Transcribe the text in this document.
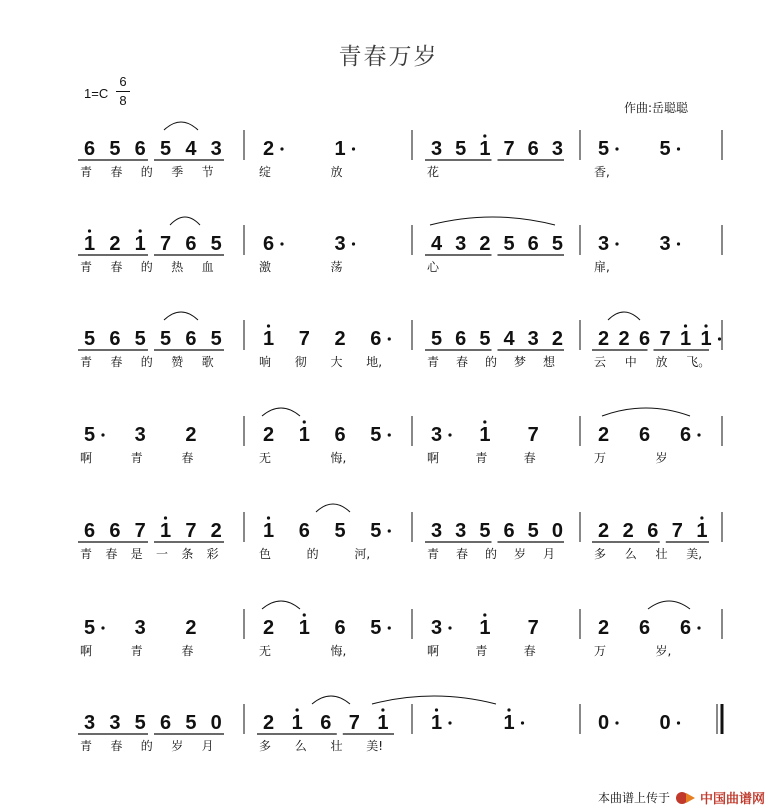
青春万岁
1=C
6
8	作曲:岳聪聪
6 5 6 5 4 3
青 春 的 季 节
2	1
绽	放
3 5 1 7 6 3
花
5	5
香,
1 2 1 7 6 5
青 春 的 热 血
6	3
激	荡
4 3 2 5 6 5
心
3	3
扉,
5 6 5 5 6 5
青 春 的 赞 歌
1 7 2 6
响 彻 大 地,
5 6 5 4 3 2
青 春 的 梦 想
2 2 6 7 1 1
云 中 放 飞。
5 3 2
啊	青	春
2 1 6 5
无	悔,
3 1 7
啊	青	春
2 6 6
万	岁
6 6 7 1 7 2
青 春 是 一 条 彩
1 6 5 5
色	的	河,
3 3 5 6 5 0
青 春 的 岁 月
2 2 6 7 1
多 么 壮 美,
5 3 2
啊	青	春
2 1 6 5
无	悔,
3 1 7
啊	青	春
2 6 6
万	岁,
3 3 5 6 5 0
青 春 的 岁 月
2 1 6 7 1
多 么 壮 美!
1	1	0	0
本曲谱上传于 中国曲谱网
